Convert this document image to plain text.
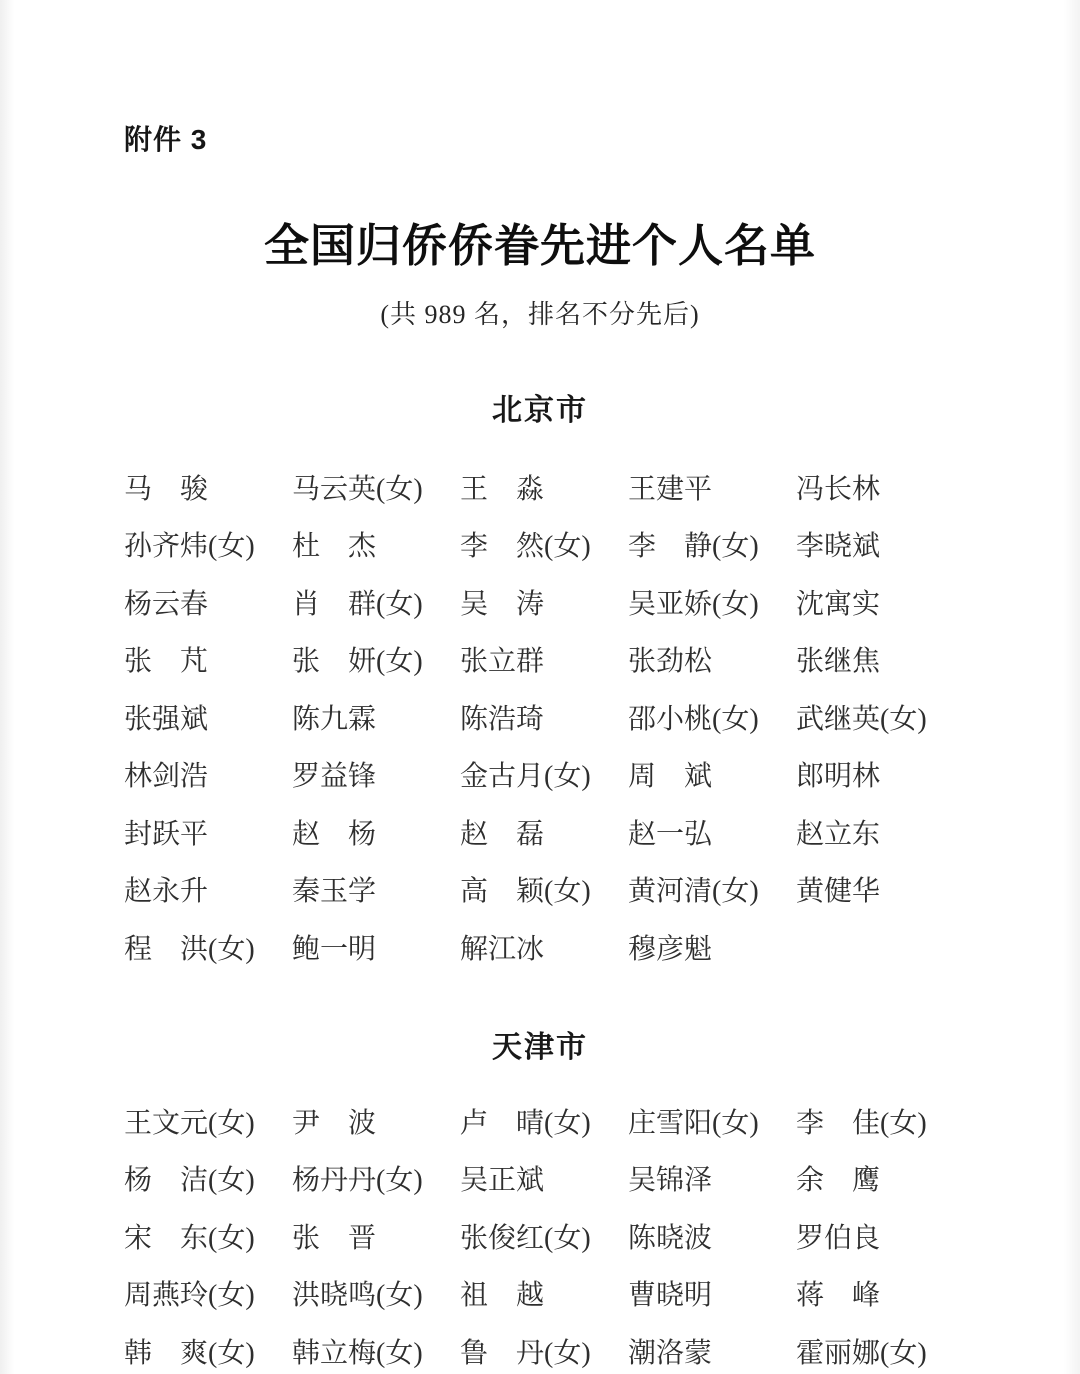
附件 3
全国归侨侨眷先进个人名单
(共 989 名，排名不分先后)
北京市
马　骏	马云英(女)	王　淼	王建平	冯长林
孙齐炜(女)	杜　杰	李　然(女)	李　静(女)	李晓斌
杨云春	肖　群(女)	吴　涛	吴亚娇(女)	沈寓实
张　芃	张　妍(女)	张立群	张劲松	张继焦
张强斌	陈九霖	陈浩琦	邵小桃(女)	武继英(女)
林剑浩	罗益锋	金古月(女)	周　斌	郎明林
封跃平	赵　杨	赵　磊	赵一弘	赵立东
赵永升	秦玉学	高　颖(女)	黄河清(女)	黄健华
程　洪(女)	鲍一明	解江冰	穆彦魁
天津市
王文元(女)	尹　波	卢　晴(女)	庄雪阳(女)	李　佳(女)
杨　洁(女)	杨丹丹(女)	吴正斌	吴锦泽	余　鹰
宋　东(女)	张　晋	张俊红(女)	陈晓波	罗伯良
周燕玲(女)	洪晓鸣(女)	祖　越	曹晓明	蒋　峰
韩　爽(女)	韩立梅(女)	鲁　丹(女)	潮洛蒙	霍丽娜(女)
